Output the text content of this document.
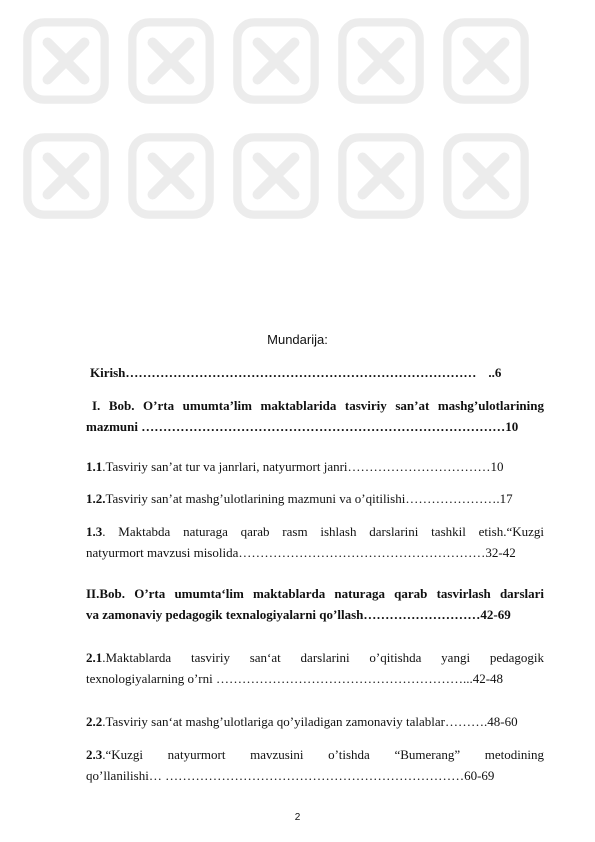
Mundarija:
Kirish……………………………………………………………………… ..6
I. Bob. O’rta umumta’lim maktablarida tasviriy san’at mashg’ulotlarining
mazmuni …………………………………………………………………………10
1.1.Tasviriy san’at tur va janrlari, natyurmort janri……………………………10
1.2.Tasviriy san’at mashg’ulotlarining mazmuni va o’qitilishi………………….17
1.3. Maktabda naturaga qarab rasm ishlash darslarini tashkil etish.“Kuzgi
natyurmort mavzusi misolida…………………………………………………32-42
II.Bob. O’rta umumta‘lim maktablarda naturaga qarab tasvirlash darslari
va zamonaviy pedagogik texnalogiyalarni qo’llash………………………42-69
2.1.Maktablarda tasviriy san‘at darslarini o’qitishda yangi pedagogik
texnologiyalarning o’rni …………………………………………………...42-48
2.2.Tasviriy san‘at mashg’ulotlariga qo’yiladigan zamonaviy talablar……….48-60
2.3.“Kuzgi natyurmort mavzusini o’tishda “Bumerang” metodining
qo’llanilishi… ……………………………………………………………60-69
2
